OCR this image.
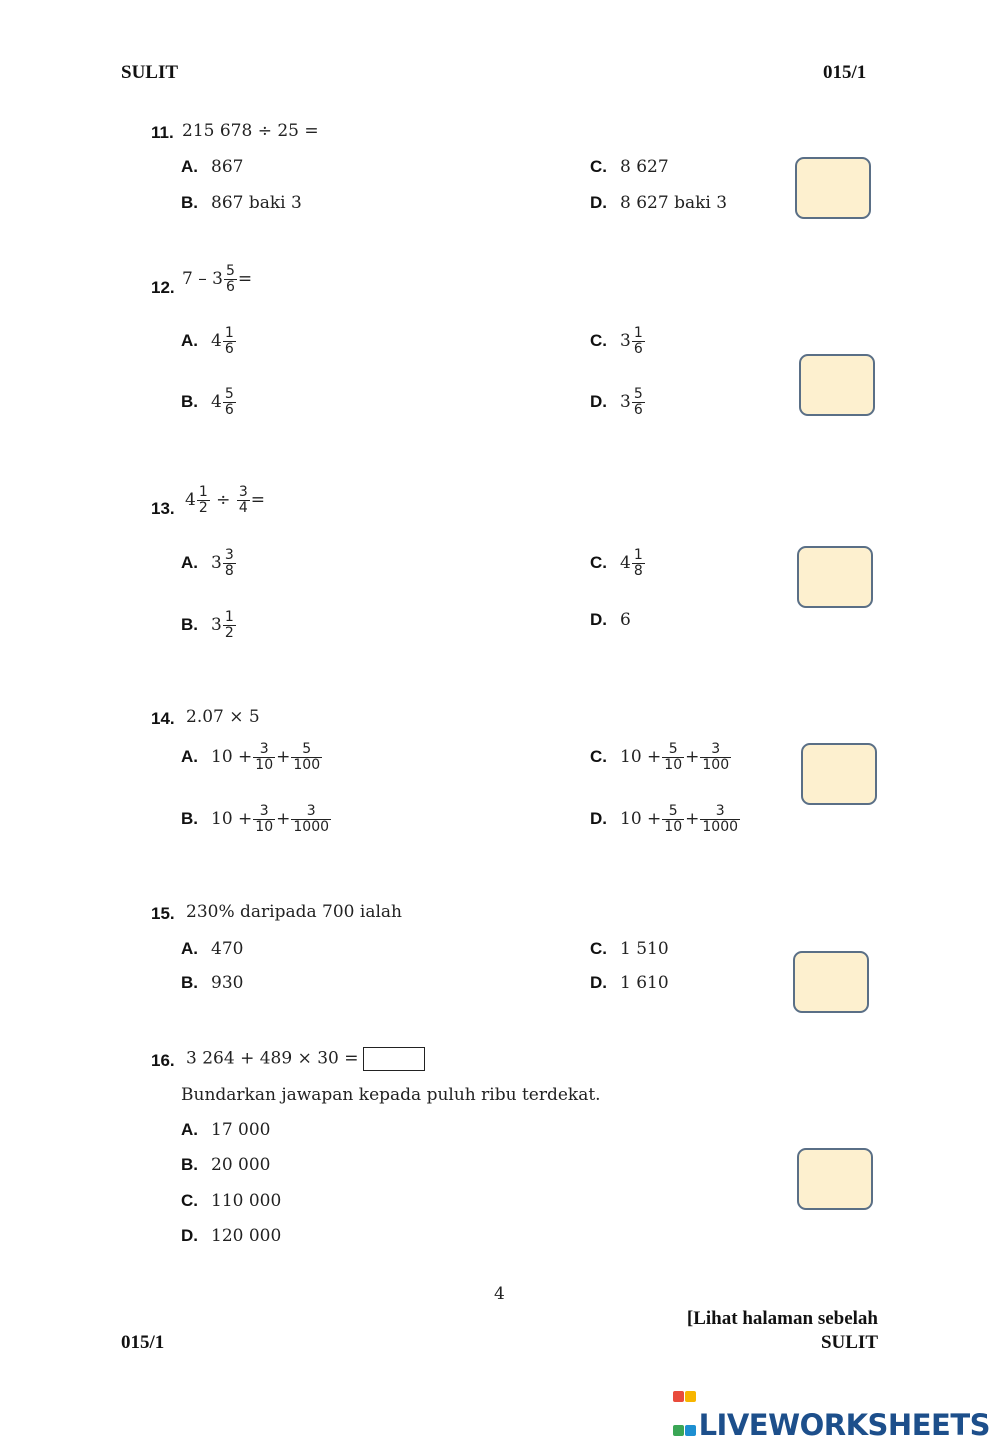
SULIT	015/1
11. 215 678 ÷ 25 =
A. 867
B. 867 baki 3
C. 8 627
D. 8 627 baki 3
12. $7 - 3 \frac{5}{6}$ =
A. $4 \frac{1}{6}$
B. $4 \frac{5}{6}$
C. $3 \frac{1}{6}$
D. $3 \frac{5}{6}$
13. $4 \frac{1}{2} \div \frac{3}{4}$ =
A. $3 \frac{3}{8}$
B. $3 \frac{1}{2}$
C. $4 \frac{1}{8}$
D. 6
14. 2.07 × 5
A. $10 + \frac{3}{10} + \frac{5}{100}$
B. $10 + \frac{3}{10} + \frac{3}{1000}$
C. $10 + \frac{5}{10} + \frac{3}{100}$
D. $10 + \frac{5}{10} + \frac{3}{1000}$
15. 230% daripada 700 ialah
A. 470
B. 930
C. 1 510
D. 1 610
16. 3 264 + 489 × 30 =
Bundarkan jawapan kepada puluh ribu terdekat.
A. 17 000
B. 20 000
C. 110 000
D. 120 000
4
[Lihat halaman sebelah
015/1	SULIT
LIVEWORKSHEETS
